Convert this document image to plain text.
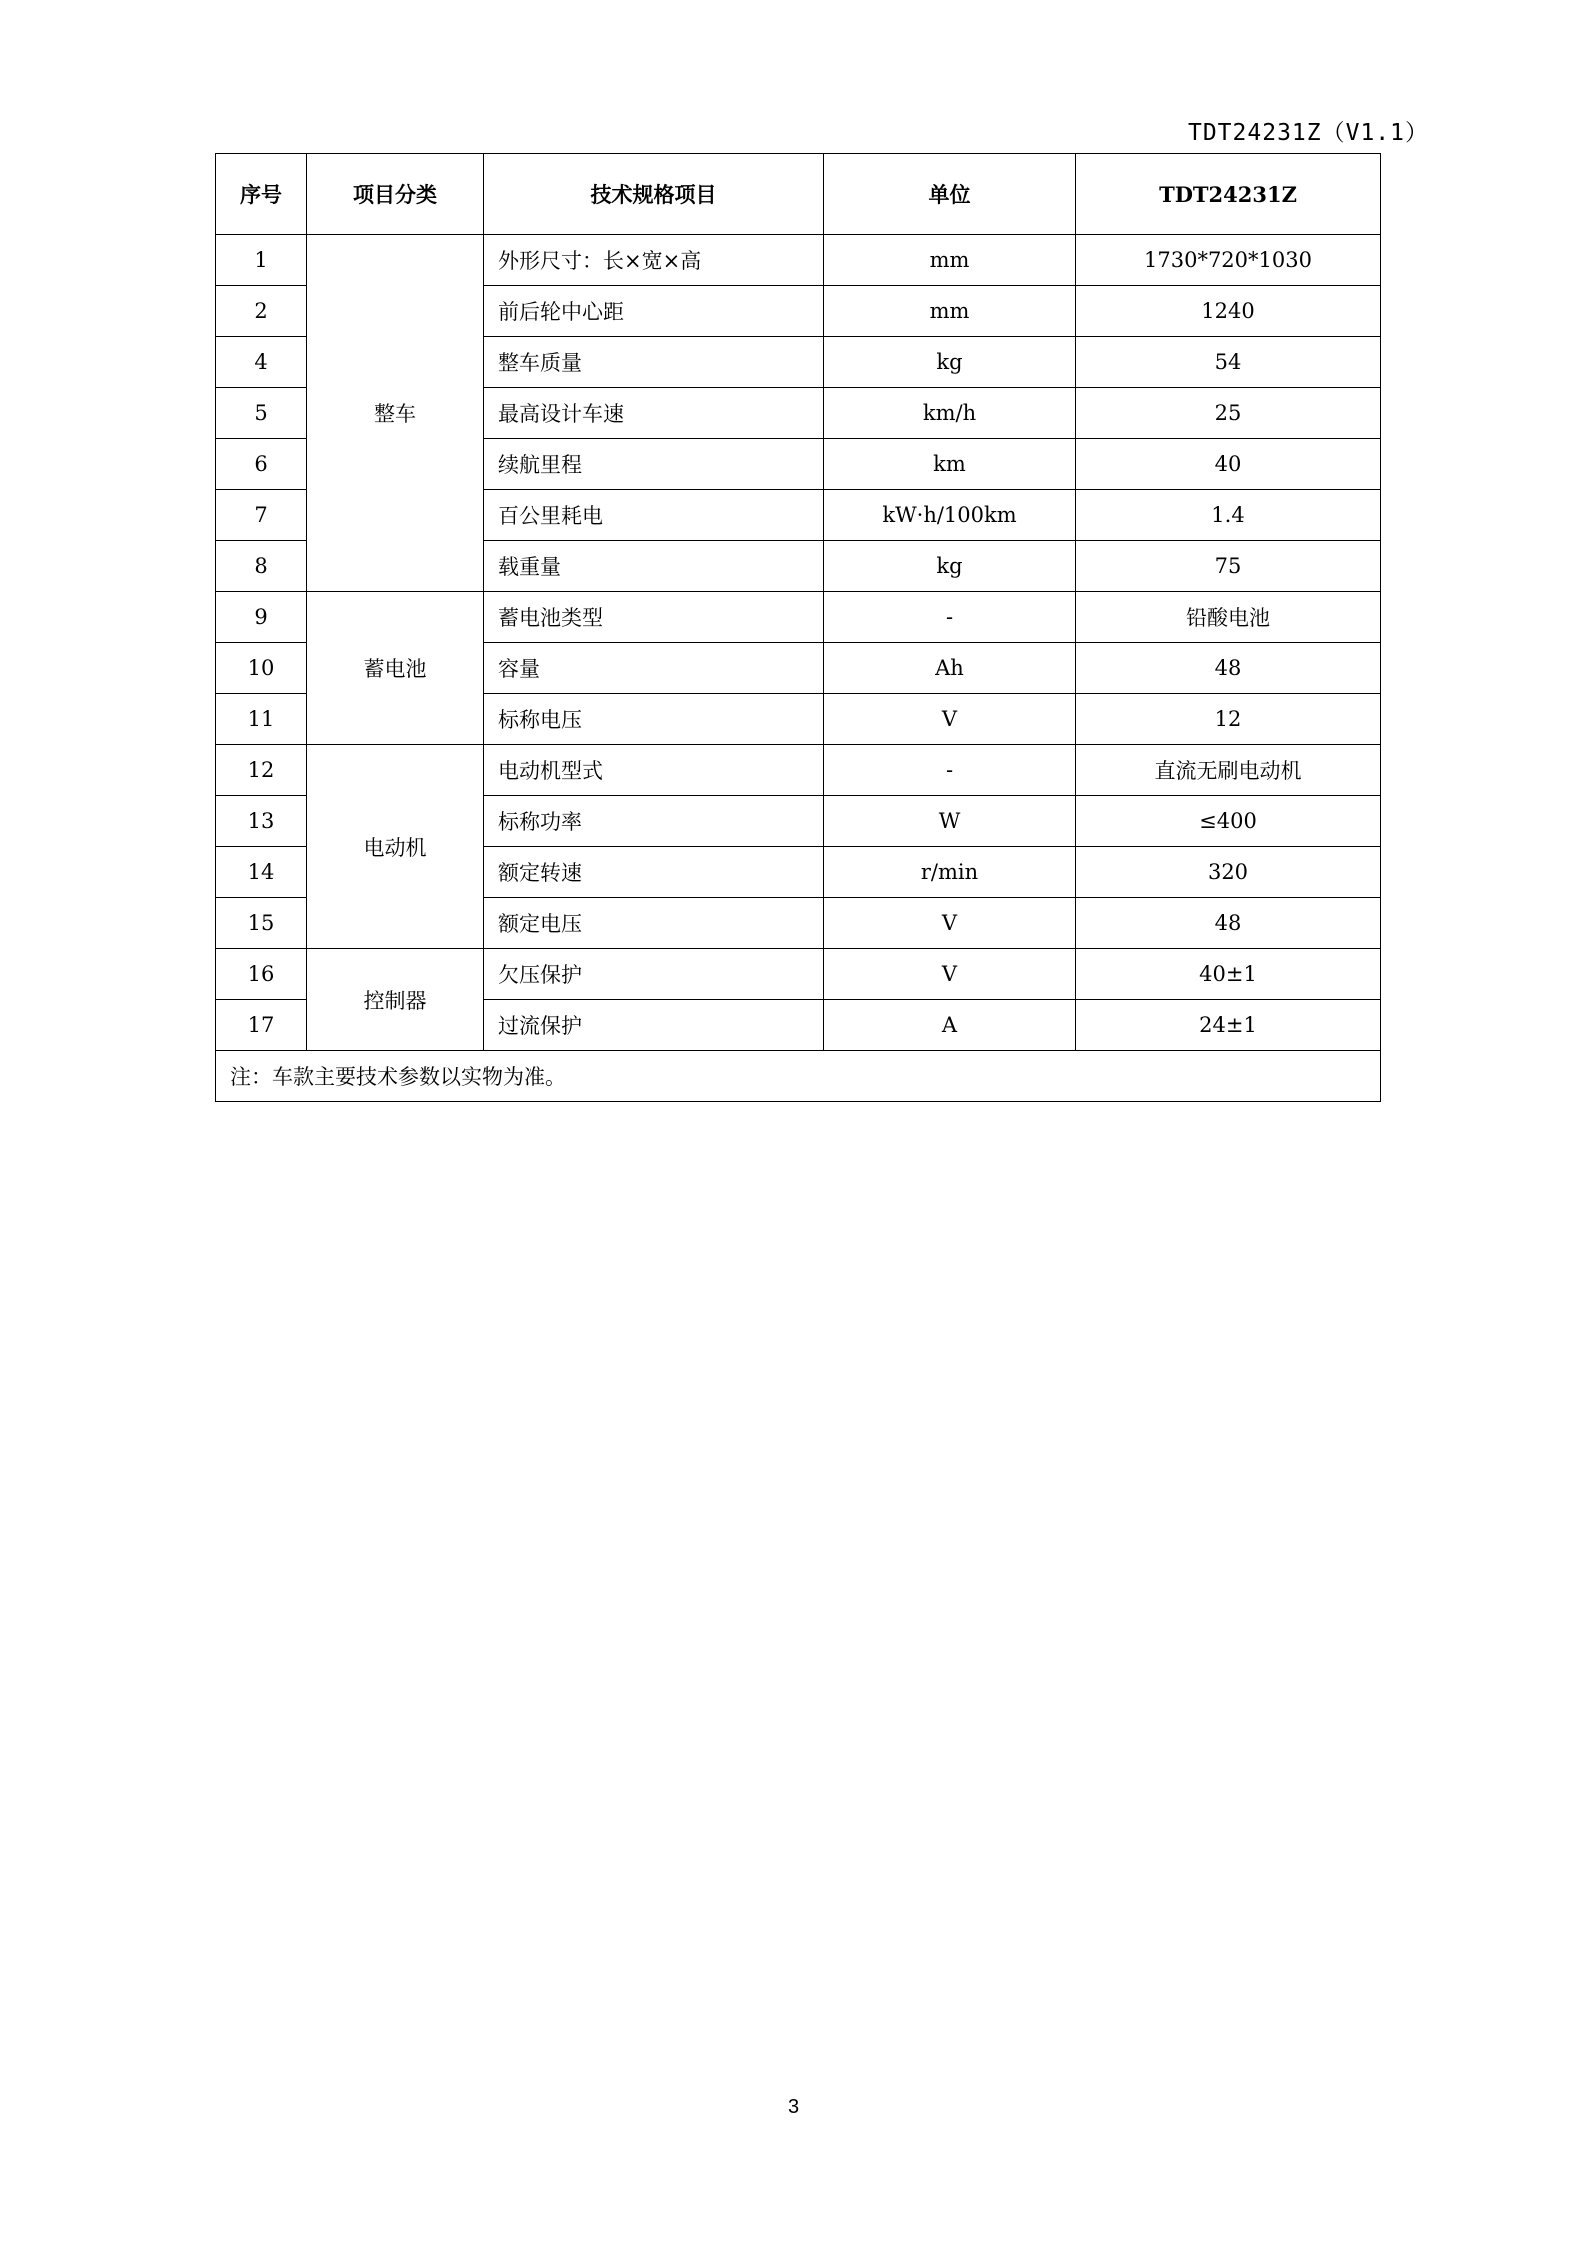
TDT24231Z（V1.1）
序号	项目分类	技术规格项目	单位	TDT24231Z
1	整车	外形尺寸：长×宽×高	mm	1730*720*1030
2		前后轮中心距	mm	1240
4		整车质量	kg	54
5		最高设计车速	km/h	25
6		续航里程	km	40
7		百公里耗电	kW·h/100km	1.4
8		载重量	kg	75
9	蓄电池	蓄电池类型	-	铅酸电池
10		容量	Ah	48
11		标称电压	V	12
12	电动机	电动机型式	-	直流无刷电动机
13		标称功率	W	≤400
14		额定转速	r/min	320
15		额定电压	V	48
16	控制器	欠压保护	V	40±1
17		过流保护	A	24±1
注：车款主要技术参数以实物为准。				
3
